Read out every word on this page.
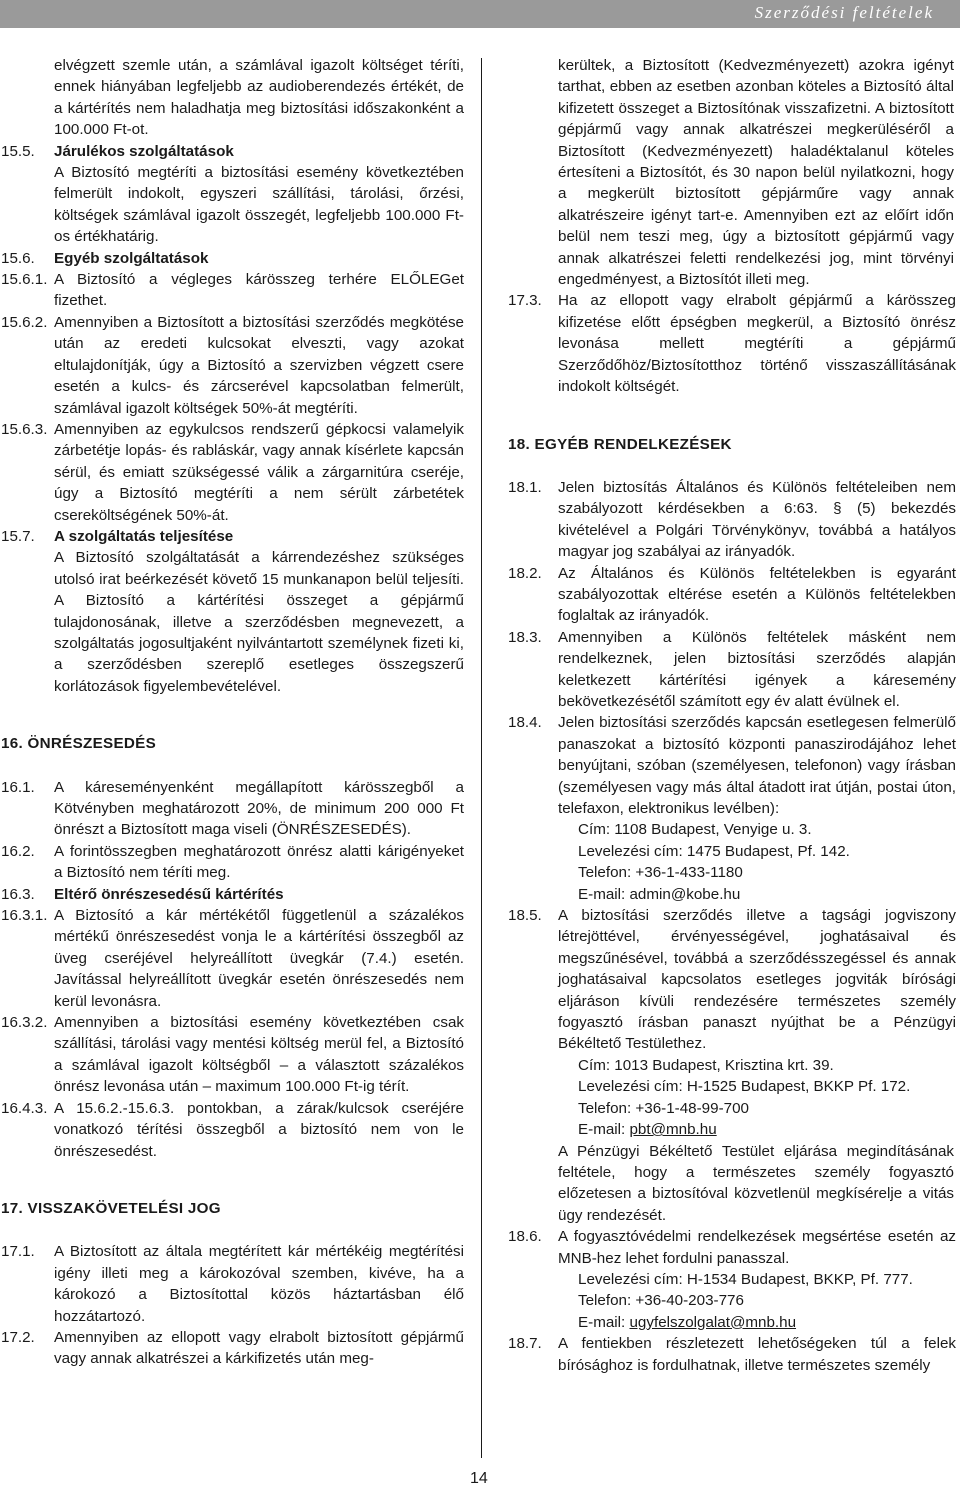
Szerződési feltételek
elvégzett szemle után, a számlával igazolt költséget téríti, ennek hiányában legfeljebb az audioberendezés értékét, de a kártérítés nem haladhatja meg biztosítási időszakonként a 100.000 Ft-ot.
15.5. Járulékos szolgáltatások
A Biztosító megtéríti a biztosítási esemény következtében felmerült indokolt, egyszeri szállítási, tárolási, őrzési, költségek számlával igazolt összegét, legfeljebb 100.000 Ft-os értékhatárig.
15.6. Egyéb szolgáltatások
15.6.1. A Biztosító a végleges kárösszeg terhére ELŐLEGet fizethet.
15.6.2. Amennyiben a Biztosított a biztosítási szerződés megkötése után az eredeti kulcsokat elveszti, vagy azokat eltulajdonítják, úgy a Biztosító a szervizben végzett csere esetén a kulcs- és zárcserével kapcsolatban felmerült, számlával igazolt költségek 50%-át megtéríti.
15.6.3. Amennyiben az egykulcsos rendszerű gépkocsi valamelyik zárbetétje lopás- és rabláskár, vagy annak kísérlete kapcsán sérül, és emiatt szükségessé válik a zárgarnitúra cseréje, úgy a Biztosító megtéríti a nem sérült zárbetétek csereköltségének 50%-át.
15.7. A szolgáltatás teljesítése
A Biztosító szolgáltatását a kárrendezéshez szükséges utolsó irat beérkezését követő 15 munkanapon belül teljesíti. A Biztosító a kártérítési összeget a gépjármű tulajdonosának, illetve a szerződésben megnevezett, a szolgáltatás jogosultjaként nyilvántartott személynek fizeti ki, a szerződésben szereplő esetleges összegszerű korlátozások figyelembevételével.
16. ÖNRÉSZESEDÉS
16.1. A káreseményenként megállapított kárösszegből a Kötvényben meghatározott 20%, de minimum 200 000 Ft önrészt a Biztosított maga viseli (ÖNRÉSZESEDÉS).
16.2. A forintösszegben meghatározott önrész alatti kárigényeket a Biztosító nem téríti meg.
16.3. Eltérő önrészesedésű kártérítés
16.3.1. A Biztosító a kár mértékétől függetlenül a százalékos mértékű önrészesedést vonja le a kártérítési összegből az üveg cseréjével helyreállított üvegkár (7.4.) esetén. Javítással helyreállított üvegkár esetén önrészesedés nem kerül levonásra.
16.3.2. Amennyiben a biztosítási esemény következtében csak szállítási, tárolási vagy mentési költség merül fel, a Biztosító a számlával igazolt költségből – a választott százalékos önrész levonása után – maximum 100.000 Ft-ig térít.
16.4.3. A 15.6.2.-15.6.3. pontokban, a zárak/kulcsok cseréjére vonatkozó térítési összegből a biztosító nem von le önrészesedést.
17. VISSZAKÖVETELÉSI JOG
17.1. A Biztosított az általa megtérített kár mértékéig megtérítési igény illeti meg a károkozóval szemben, kivéve, ha a károkozó a Biztosítottal közös háztartásban élő hozzátartozó.
17.2. Amennyiben az ellopott vagy elrabolt biztosított gépjármű vagy annak alkatrészei a kárkifizetés után meg-
kerültek, a Biztosított (Kedvezményezett) azokra igényt tarthat, ebben az esetben azonban köteles a Biztosító által kifizetett összeget a Biztosítónak visszafizetni. A biztosított gépjármű vagy annak alkatrészei megkerüléséről a Biztosított (Kedvezményezett) haladéktalanul köteles értesíteni a Biztosítót, és 30 napon belül nyilatkozni, hogy a megkerült biztosított gépjárműre vagy annak alkatrészeire igényt tart-e. Amennyiben ezt az előírt időn belül nem teszi meg, úgy a biztosított gépjármű vagy annak alkatrészei feletti rendelkezési jog, mint törvényi engedményest, a Biztosítót illeti meg.
17.3. Ha az ellopott vagy elrabolt gépjármű a kárösszeg kifizetése előtt épségben megkerül, a Biztosító önrész levonása mellett megtéríti a gépjármű Szerződőhöz/Biztosítotthoz történő visszaszállításának indokolt költségét.
18. EGYÉB RENDELKEZÉSEK
18.1. Jelen biztosítás Általános és Különös feltételeiben nem szabályozott kérdésekben a 6:63. § (5) bekezdés kivételével a Polgári Törvénykönyv, továbbá a hatályos magyar jog szabályai az irányadók.
18.2. Az Általános és Különös feltételekben is egyaránt szabályozottak eltérése esetén a Különös feltételekben foglaltak az irányadók.
18.3. Amennyiben a Különös feltételek másként nem rendelkeznek, jelen biztosítási szerződés alapján keletkezett kártérítési igények a káresemény bekövetkezésétől számított egy év alatt évülnek el.
18.4. Jelen biztosítási szerződés kapcsán esetlegesen felmerülő panaszokat a biztosító központi panaszirodájához lehet benyújtani, szóban (személyesen, telefonon) vagy írásban (személyesen vagy más által átadott irat útján, postai úton, telefaxon, elektronikus levélben):
Cím: 1108 Budapest, Venyige u. 3.
Levelezési cím: 1475 Budapest, Pf. 142.
Telefon: +36-1-433-1180
E-mail: admin@kobe.hu
18.5. A biztosítási szerződés illetve a tagsági jogviszony létrejöttével, érvényességével, joghatásaival és megszűnésével, továbbá a szerződésszegéssel és annak joghatásaival kapcsolatos esetleges jogviták bírósági eljáráson kívüli rendezésére természetes személy fogyasztó írásban panaszt nyújthat be a Pénzügyi Békéltető Testülethez.
Cím: 1013 Budapest, Krisztina krt. 39.
Levelezési cím: H-1525 Budapest, BKKP Pf. 172.
Telefon: +36-1-48-99-700
E-mail: pbt@mnb.hu
A Pénzügyi Békéltető Testület eljárása megindításának feltétele, hogy a természetes személy fogyasztó előzetesen a biztosítóval közvetlenül megkísérelje a vitás ügy rendezését.
18.6. A fogyasztóvédelmi rendelkezések megsértése esetén az MNB-hez lehet fordulni panasszal.
Levelezési cím: H-1534 Budapest, BKKP, Pf. 777.
Telefon: +36-40-203-776
E-mail: ugyfelszolgalat@mnb.hu
18.7. A fentiekben részletezett lehetőségeken túl a felek bírósághoz is fordulhatnak, illetve természetes személy
14
